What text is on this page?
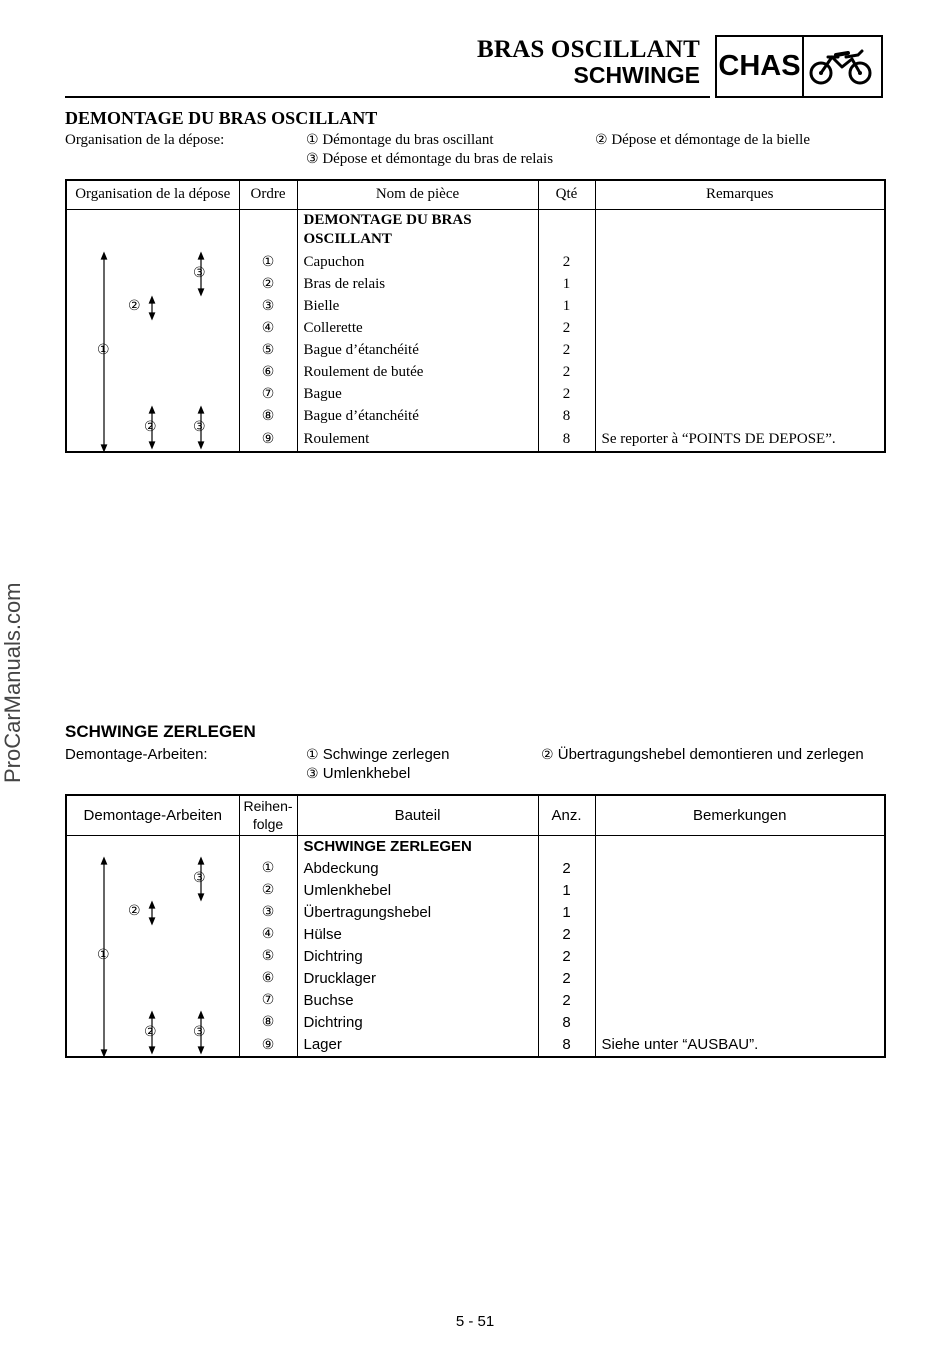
BRAS OSCILLANT
SCHWINGE CHAS
DEMONTAGE DU BRAS OSCILLANT
Organisation de la dépose:	① Démontage du bras oscillant	② Dépose et démontage de la bielle
③ Dépose et démontage du bras de relais
Organisation de la dépose	Ordre	Nom de pièce	Qté	Remarques

①
②
③
② ③		DEMONTAGE DU BRAS OSCILLANT		
	①	Capuchon	2	
	②	Bras de relais	1	
	③	Bielle	1	
	④	Collerette	2	
	⑤	Bague d’étanchéité	2	
	⑥	Roulement de butée	2	
	⑦	Bague	2	
	⑧	Bague d’étanchéité	8	
	⑨	Roulement	8	Se reporter à “POINTS DE DEPOSE”.
ProCarManuals.com SCHWINGE ZERLEGEN
Demontage-Arbeiten:	① Schwinge zerlegen	② Übertragungshebel demontieren und zerlegen
③ Umlenkhebel
Demontage-Arbeiten	Reihen-folge	Bauteil	Anz.	Bemerkungen

①
②
③
② ③		SCHWINGE ZERLEGEN		
	①	Abdeckung	2	
	②	Umlenkhebel	1	
	③	Übertragungshebel	1	
	④	Hülse	2	
	⑤	Dichtring	2	
	⑥	Drucklager	2	
	⑦	Buchse	2	
	⑧	Dichtring	8	
	⑨	Lager	8	Siehe unter “AUSBAU”.
5 - 51
